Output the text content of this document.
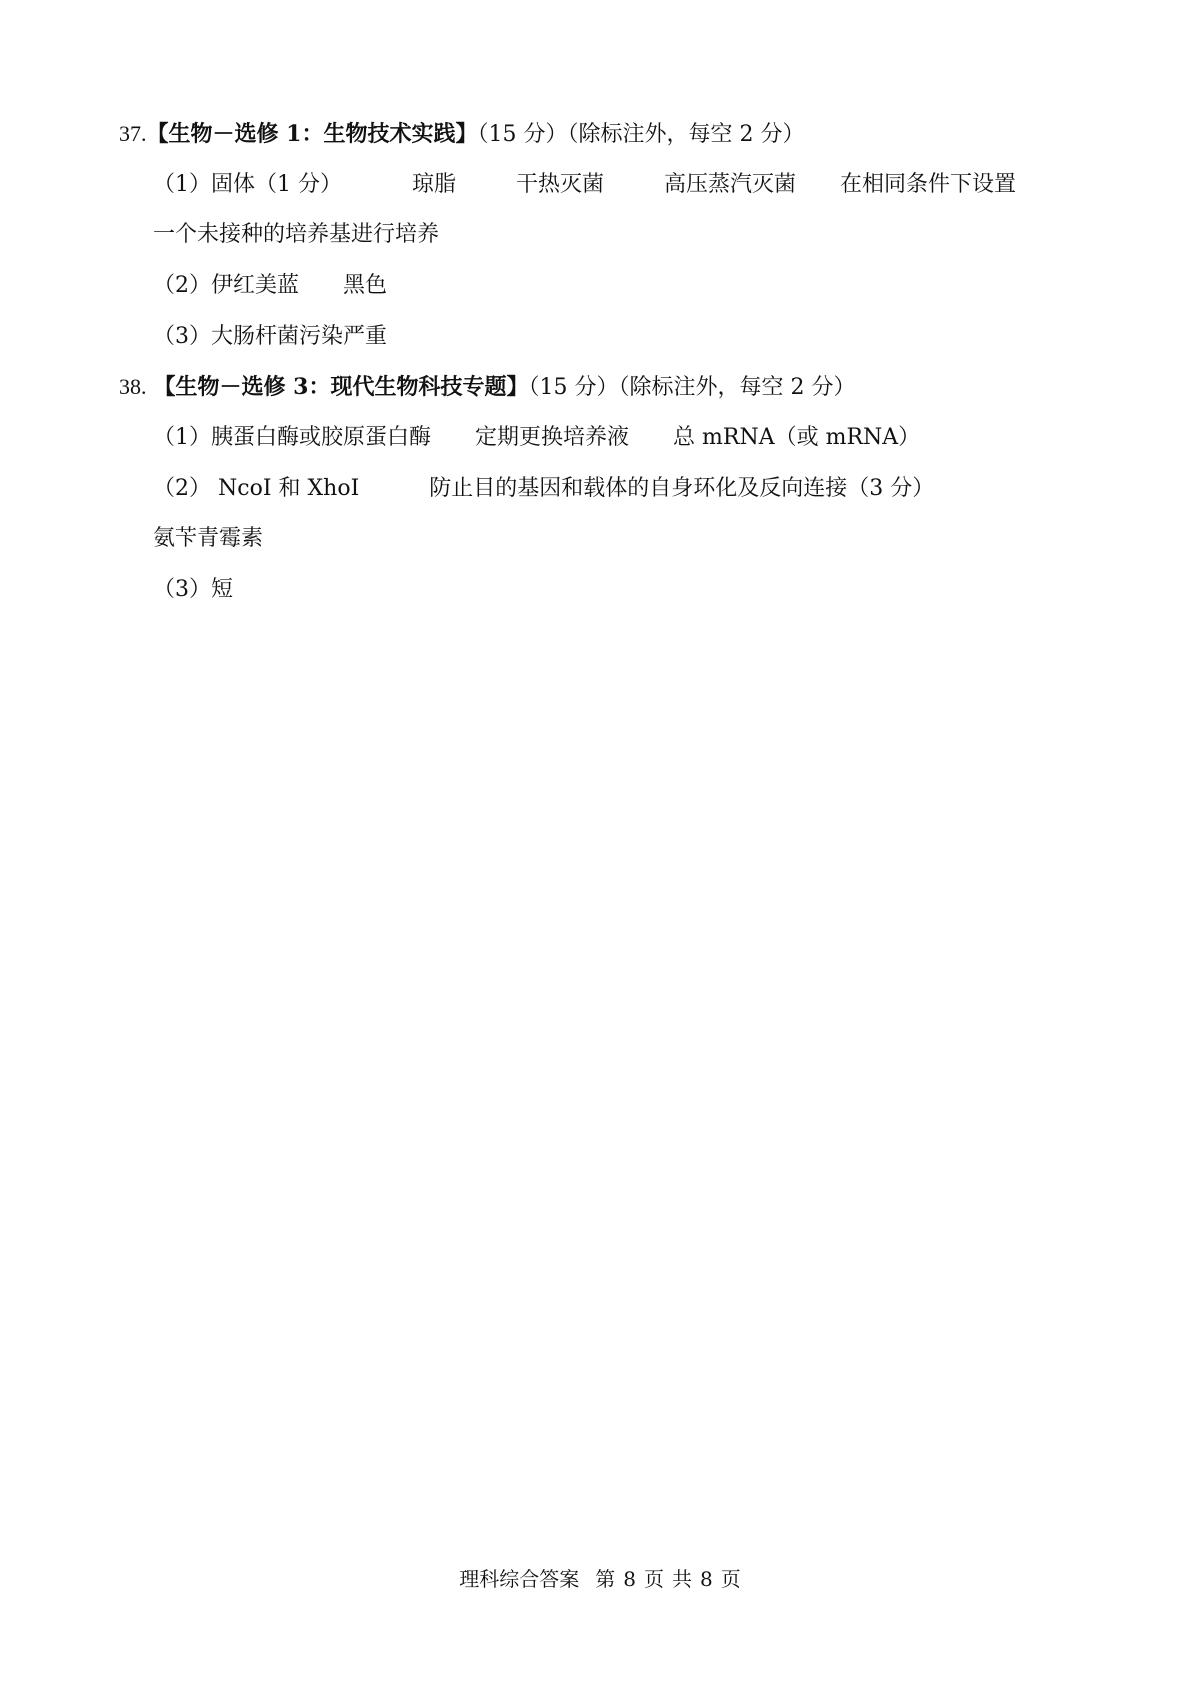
37.【生物－选修 1：生物技术实践】（15 分）（除标注外，每空 2 分）
（1）固体（1 分）	琼脂	干热灭菌	高压蒸汽灭菌 在相同条件下设置
一个未接种的培养基进行培养
（2）伊红美蓝 黑色
（3）大肠杆菌污染严重
38. 【生物－选修 3：现代生物科技专题】（15 分）（除标注外，每空 2 分）
（1）胰蛋白酶或胶原蛋白酶 定期更换培养液 总 mRNA（或 mRNA）
（2） NcoI 和 XhoI	防止目的基因和载体的自身环化及反向连接（3 分）
氨苄青霉素
（3）短
理科综合答案 第 8 页 共 8 页
